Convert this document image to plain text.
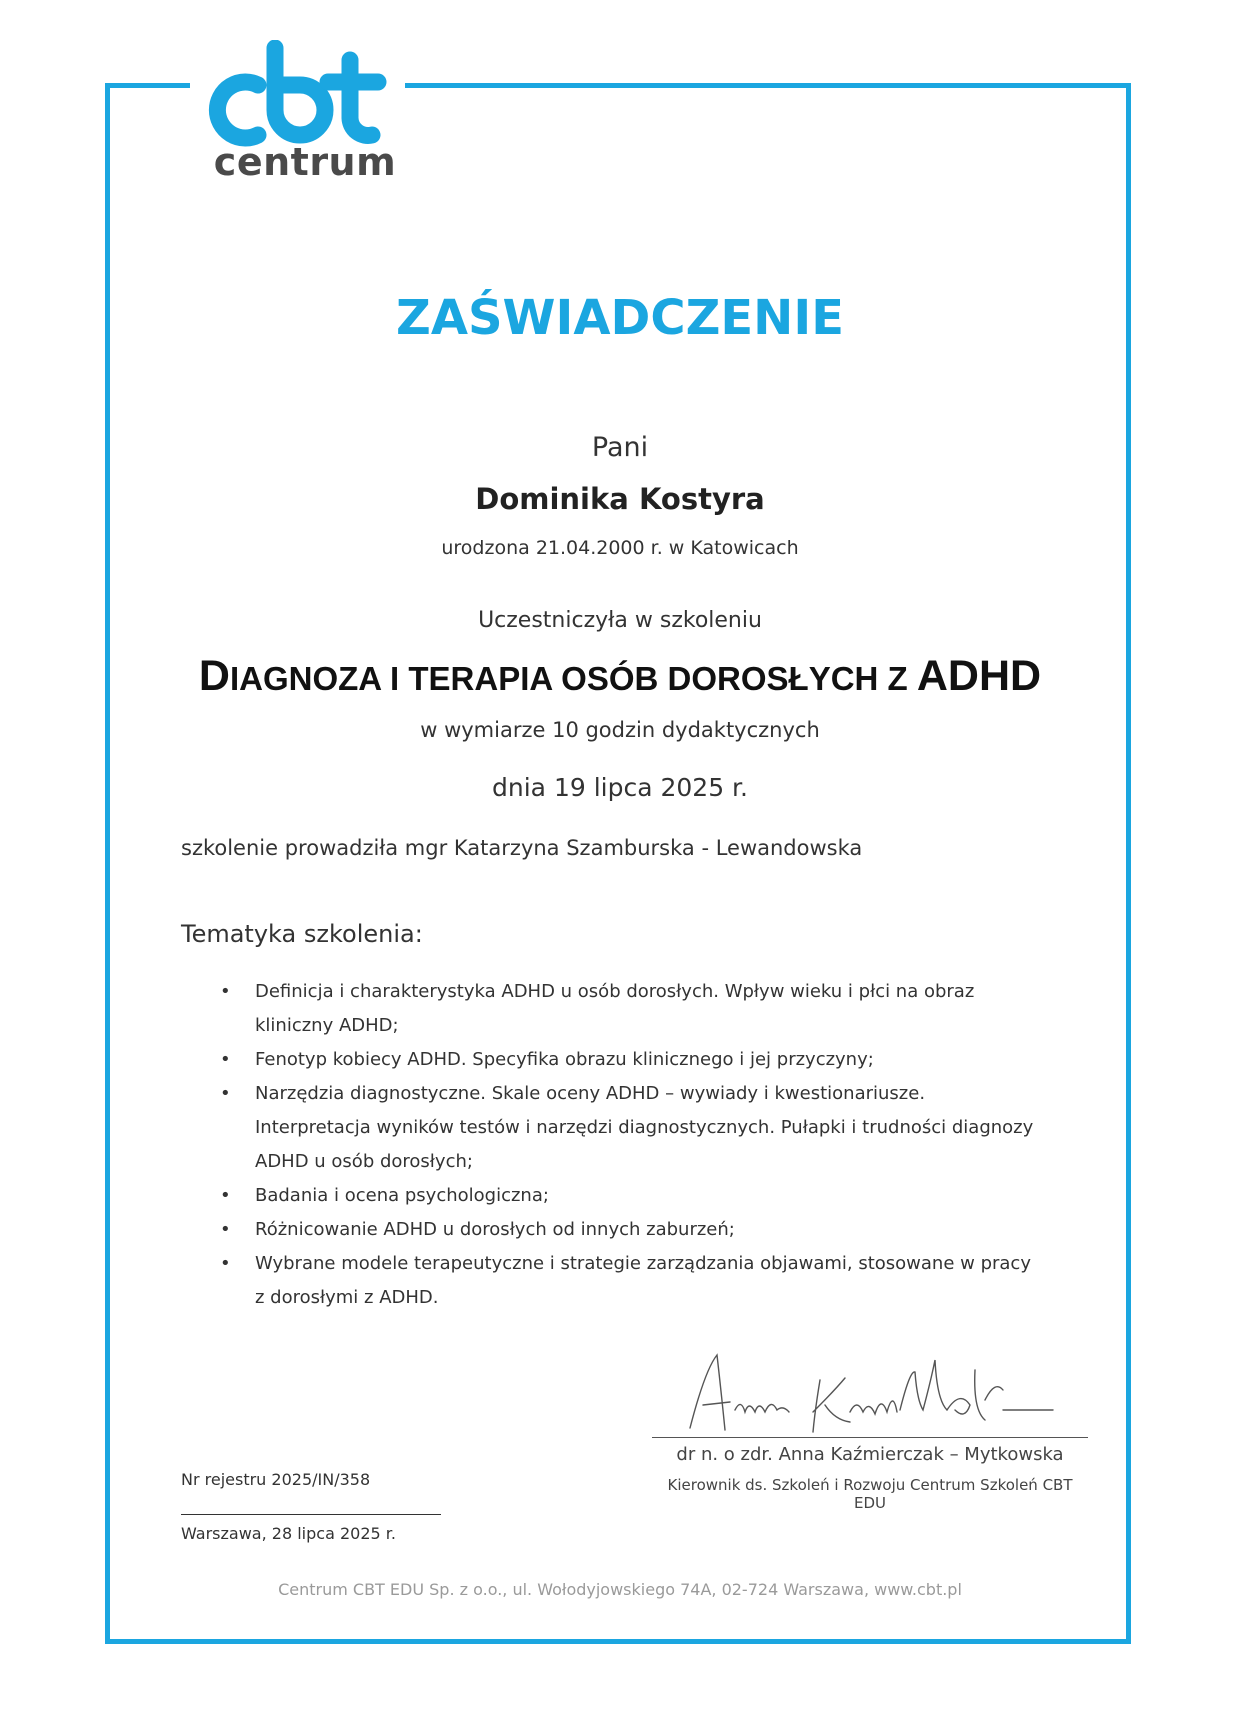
centrum
ZAŚWIADCZENIE
Pani
Dominika Kostyra
urodzona 21.04.2000 r. w Katowicach
Uczestniczyła w szkoleniu
DIAGNOZA I TERAPIA OSÓB DOROSŁYCH Z ADHD
w wymiarze 10 godzin dydaktycznych
dnia 19 lipca 2025 r.
szkolenie prowadziła mgr Katarzyna Szamburska - Lewandowska
Tematyka szkolenia:
• Definicja i charakterystyka ADHD u osób dorosłych. Wpływ wieku i płci na obraz kliniczny ADHD;
• Fenotyp kobiecy ADHD. Specyfika obrazu klinicznego i jej przyczyny;
• Narzędzia diagnostyczne. Skale oceny ADHD – wywiady i kwestionariusze. Interpretacja wyników testów i narzędzi diagnostycznych. Pułapki i trudności diagnozy ADHD u osób dorosłych;
• Badania i ocena psychologiczna;
• Różnicowanie ADHD u dorosłych od innych zaburzeń;
• Wybrane modele terapeutyczne i strategie zarządzania objawami, stosowane w pracy z dorosłymi z ADHD.
dr n. o zdr. Anna Kaźmierczak – Mytkowska
Kierownik ds. Szkoleń i Rozwoju Centrum Szkoleń CBT EDU
Nr rejestru 2025/IN/358
Warszawa, 28 lipca 2025 r.
Centrum CBT EDU Sp. z o.o., ul. Wołodyjowskiego 74A, 02-724 Warszawa, www.cbt.pl
